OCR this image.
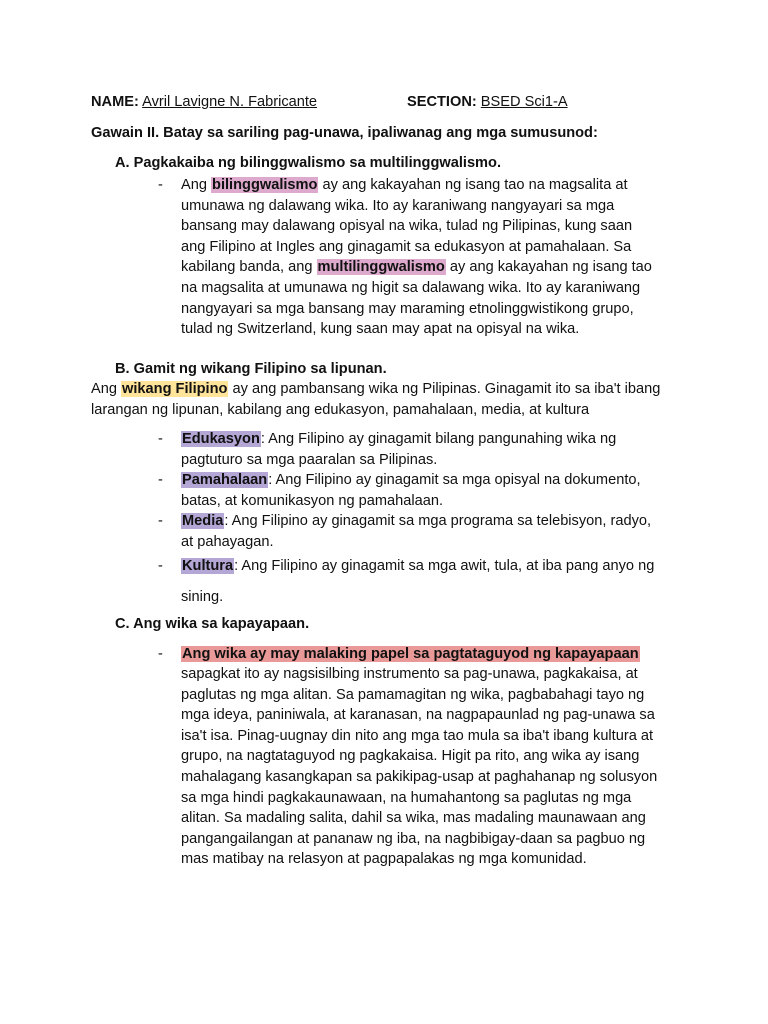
NAME: Avril Lavigne N. Fabricante	SECTION: BSED Sci1-A
Gawain II. Batay sa sariling pag-unawa, ipaliwanag ang mga sumusunod:
A. Pagkakaiba ng bilinggwalismo sa multilinggwalismo.
- Ang bilinggwalismo ay ang kakayahan ng isang tao na magsalita at umunawa ng dalawang wika. Ito ay karaniwang nangyayari sa mga bansang may dalawang opisyal na wika, tulad ng Pilipinas, kung saan ang Filipino at Ingles ang ginagamit sa edukasyon at pamahalaan. Sa kabilang banda, ang multilinggwalismo ay ang kakayahan ng isang tao na magsalita at umunawa ng higit sa dalawang wika. Ito ay karaniwang nangyayari sa mga bansang may maraming etnolinggwistikong grupo, tulad ng Switzerland, kung saan may apat na opisyal na wika.
B. Gamit ng wikang Filipino sa lipunan.
Ang wikang Filipino ay ang pambansang wika ng Pilipinas. Ginagamit ito sa iba't ibang larangan ng lipunan, kabilang ang edukasyon, pamahalaan, media, at kultura
- Edukasyon: Ang Filipino ay ginagamit bilang pangunahing wika ng pagtuturo sa mga paaralan sa Pilipinas.
- Pamahalaan: Ang Filipino ay ginagamit sa mga opisyal na dokumento, batas, at komunikasyon ng pamahalaan.
- Media: Ang Filipino ay ginagamit sa mga programa sa telebisyon, radyo, at pahayagan.
- Kultura: Ang Filipino ay ginagamit sa mga awit, tula, at iba pang anyo ng
sining.
C. Ang wika sa kapayapaan.
- Ang wika ay may malaking papel sa pagtataguyod ng kapayapaan
sapagkat ito ay nagsisilbing instrumento sa pag-unawa, pagkakaisa, at paglutas ng mga alitan. Sa pamamagitan ng wika, pagbabahagi tayo ng mga ideya, paniniwala, at karanasan, na nagpapaunlad ng pag-unawa sa isa't isa. Pinag-uugnay din nito ang mga tao mula sa iba't ibang kultura at grupo, na nagtataguyod ng pagkakaisa. Higit pa rito, ang wika ay isang mahalagang kasangkapan sa pakikipag-usap at paghahanap ng solusyon sa mga hindi pagkakaunawaan, na humahantong sa paglutas ng mga alitan. Sa madaling salita, dahil sa wika, mas madaling maunawaan ang pangangailangan at pananaw ng iba, na nagbibigay-daan sa pagbuo ng mas matibay na relasyon at pagpapalakas ng mga komunidad.
